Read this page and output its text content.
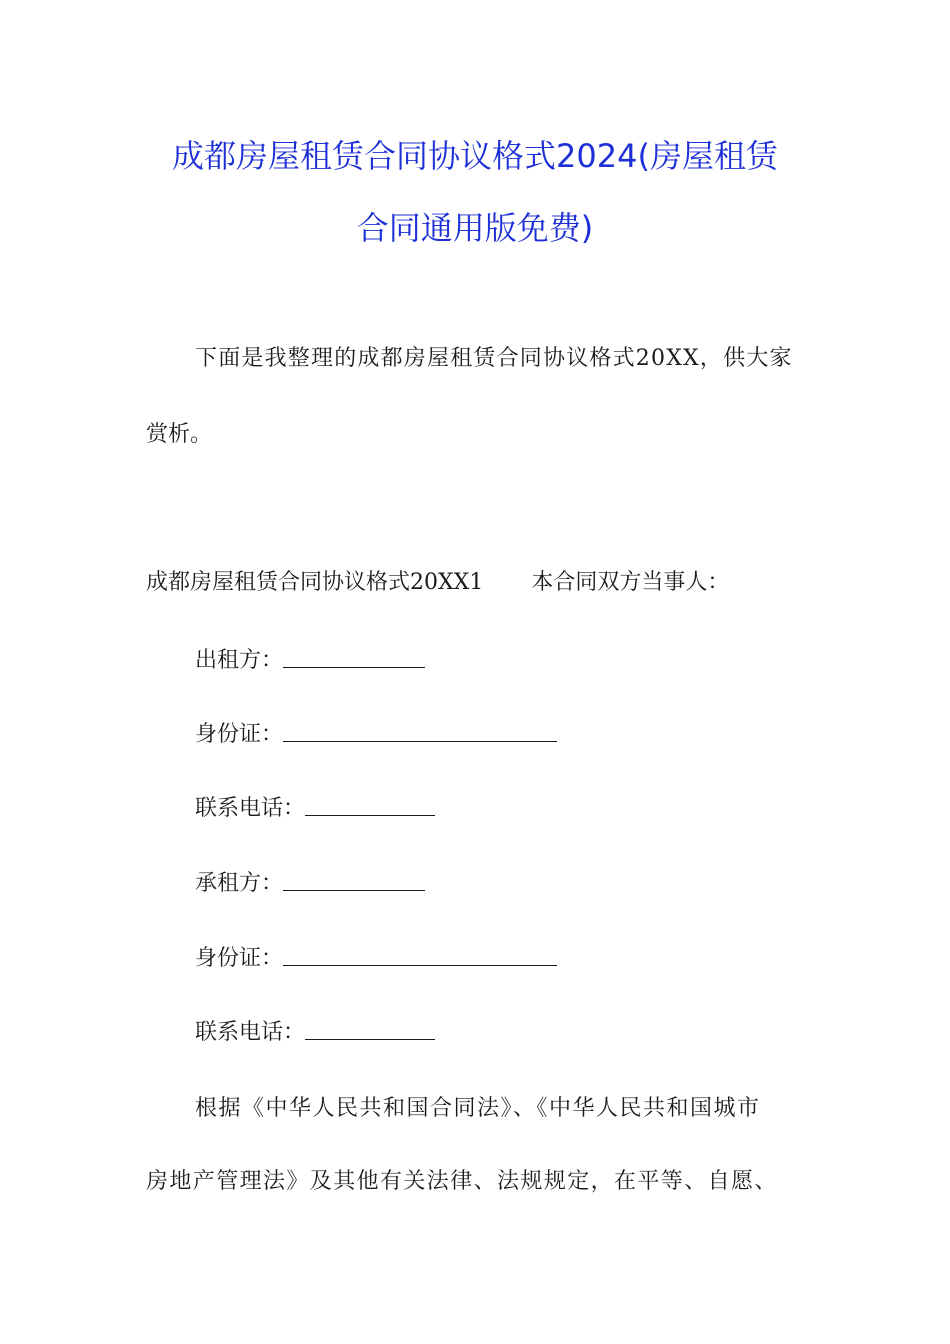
成都房屋租赁合同协议格式2024(房屋租赁
合同通用版免费)
下面是我整理的成都房屋租赁合同协议格式20XX，供大家
赏析。
成都房屋租赁合同协议格式20XX1 本合同双方当事人：
出租方：
身份证：
联系电话：
承租方：
身份证：
联系电话：
根据《中华人民共和国合同法》、《中华人民共和国城市
房地产管理法》及其他有关法律、法规规定，在平等、自愿、
